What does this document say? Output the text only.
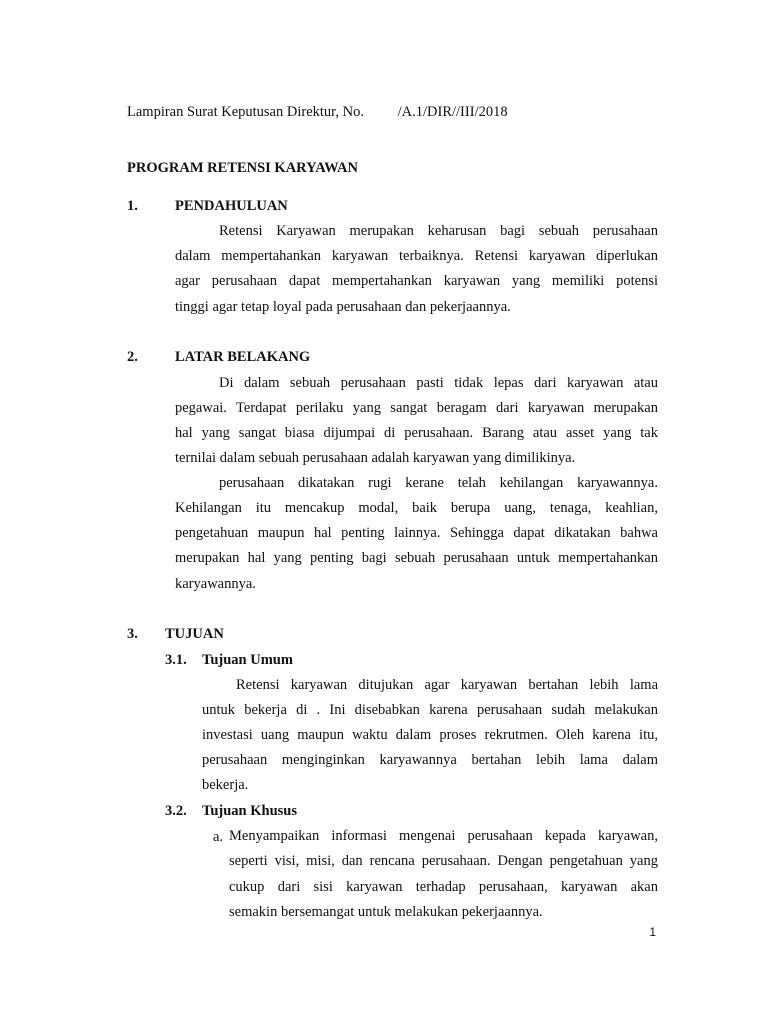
Lampiran Surat Keputusan Direktur, No. /A.1/DIR//III/2018
PROGRAM RETENSI KARYAWAN
1.	PENDAHULUAN
Retensi Karyawan merupakan keharusan bagi sebuah perusahaan
dalam mempertahankan karyawan terbaiknya. Retensi karyawan diperlukan
agar perusahaan dapat mempertahankan karyawan yang memiliki potensi
tinggi agar tetap loyal pada perusahaan dan pekerjaannya.
2.	LATAR BELAKANG
Di dalam sebuah perusahaan pasti tidak lepas dari karyawan atau
pegawai. Terdapat perilaku yang sangat beragam dari karyawan merupakan
hal yang sangat biasa dijumpai di perusahaan. Barang atau asset yang tak
ternilai dalam sebuah perusahaan adalah karyawan yang dimilikinya.
perusahaan dikatakan rugi kerane telah kehilangan karyawannya.
Kehilangan itu mencakup modal, baik berupa uang, tenaga, keahlian,
pengetahuan maupun hal penting lainnya. Sehingga dapat dikatakan bahwa
merupakan hal yang penting bagi sebuah perusahaan untuk mempertahankan
karyawannya.
3. TUJUAN
3.1. Tujuan Umum
Retensi karyawan ditujukan agar karyawan bertahan lebih lama
untuk bekerja di . Ini disebabkan karena perusahaan sudah melakukan
investasi uang maupun waktu dalam proses rekrutmen. Oleh karena itu,
perusahaan menginginkan karyawannya bertahan lebih lama dalam
bekerja.
3.2. Tujuan Khusus
a. Menyampaikan informasi mengenai perusahaan kepada karyawan,
seperti visi, misi, dan rencana perusahaan. Dengan pengetahuan yang
cukup dari sisi karyawan terhadap perusahaan, karyawan akan
semakin bersemangat untuk melakukan pekerjaannya.
1
